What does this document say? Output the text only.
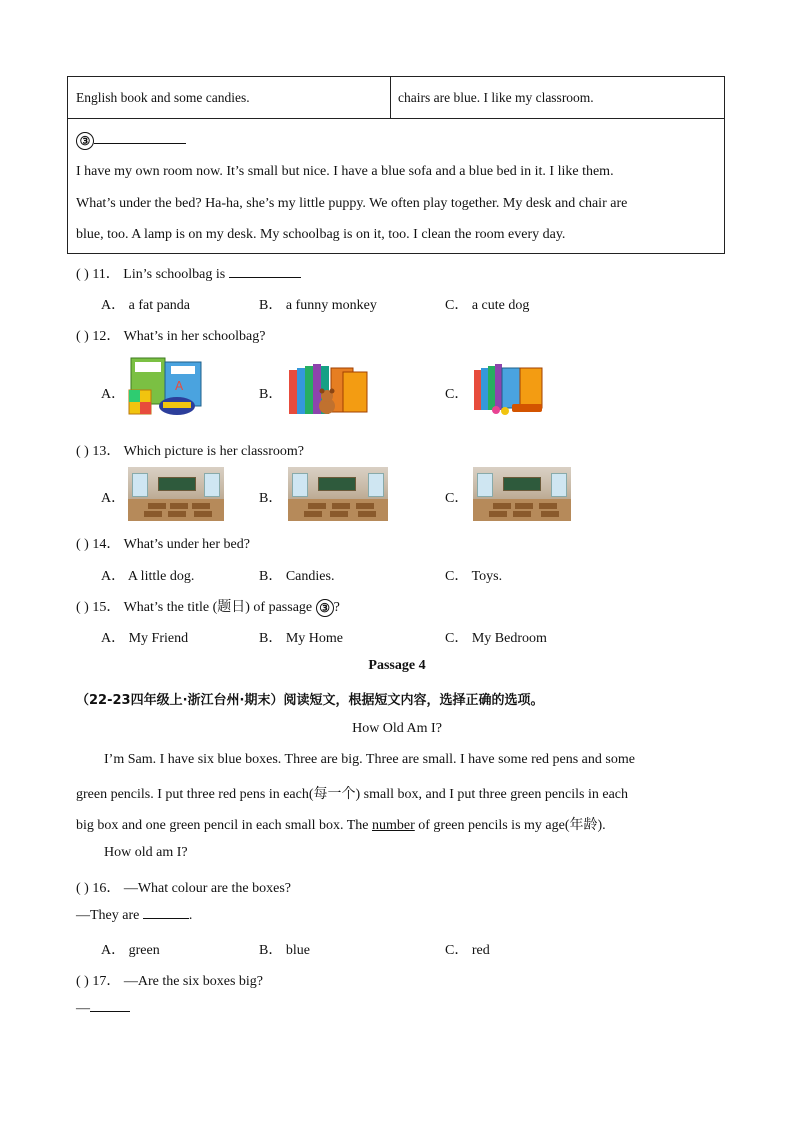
English book and some candies.	chairs are blue. I like my classroom.
③
I have my own room now. It’s small but nice. I have a blue sofa and a blue bed in it. I like them.
What’s under the bed? Ha-ha, she’s my little puppy. We often play together. My desk and chair are
blue, too. A lamp is on my desk. My schoolbag is on it, too. I clean the room every day.
( ) 11． Lin’s schoolbag is
A． a fat panda	B． a funny monkey	C． a cute dog
( ) 12． What’s in her schoolbag?
A．	B．	C．
A
( ) 13． Which picture is her classroom?
A．	B．	C．
( ) 14． What’s under her bed?
A． A little dog.	B． Candies.	C． Toys.
( ) 15． What’s the title (题日) of passage ③ ?
A． My Friend	B． My Home	C． My Bedroom
Passage 4
（22-23四年级上·浙江台州·期末）阅读短文，根据短文内容，选择正确的选项。
How Old Am I?
I’m Sam. I have six blue boxes. Three are big. Three are small. I have some red pens and some
green pencils. I put three red pens in each(每一个) small box, and I put three green pencils in each
big box and one green pencil in each small box. The number of green pencils is my age(年龄).
How old am I?
( ) 16． —What colour are the boxes?
—They are	.
A． green	B． blue	C． red
( ) 17． —Are the six boxes big?
—
